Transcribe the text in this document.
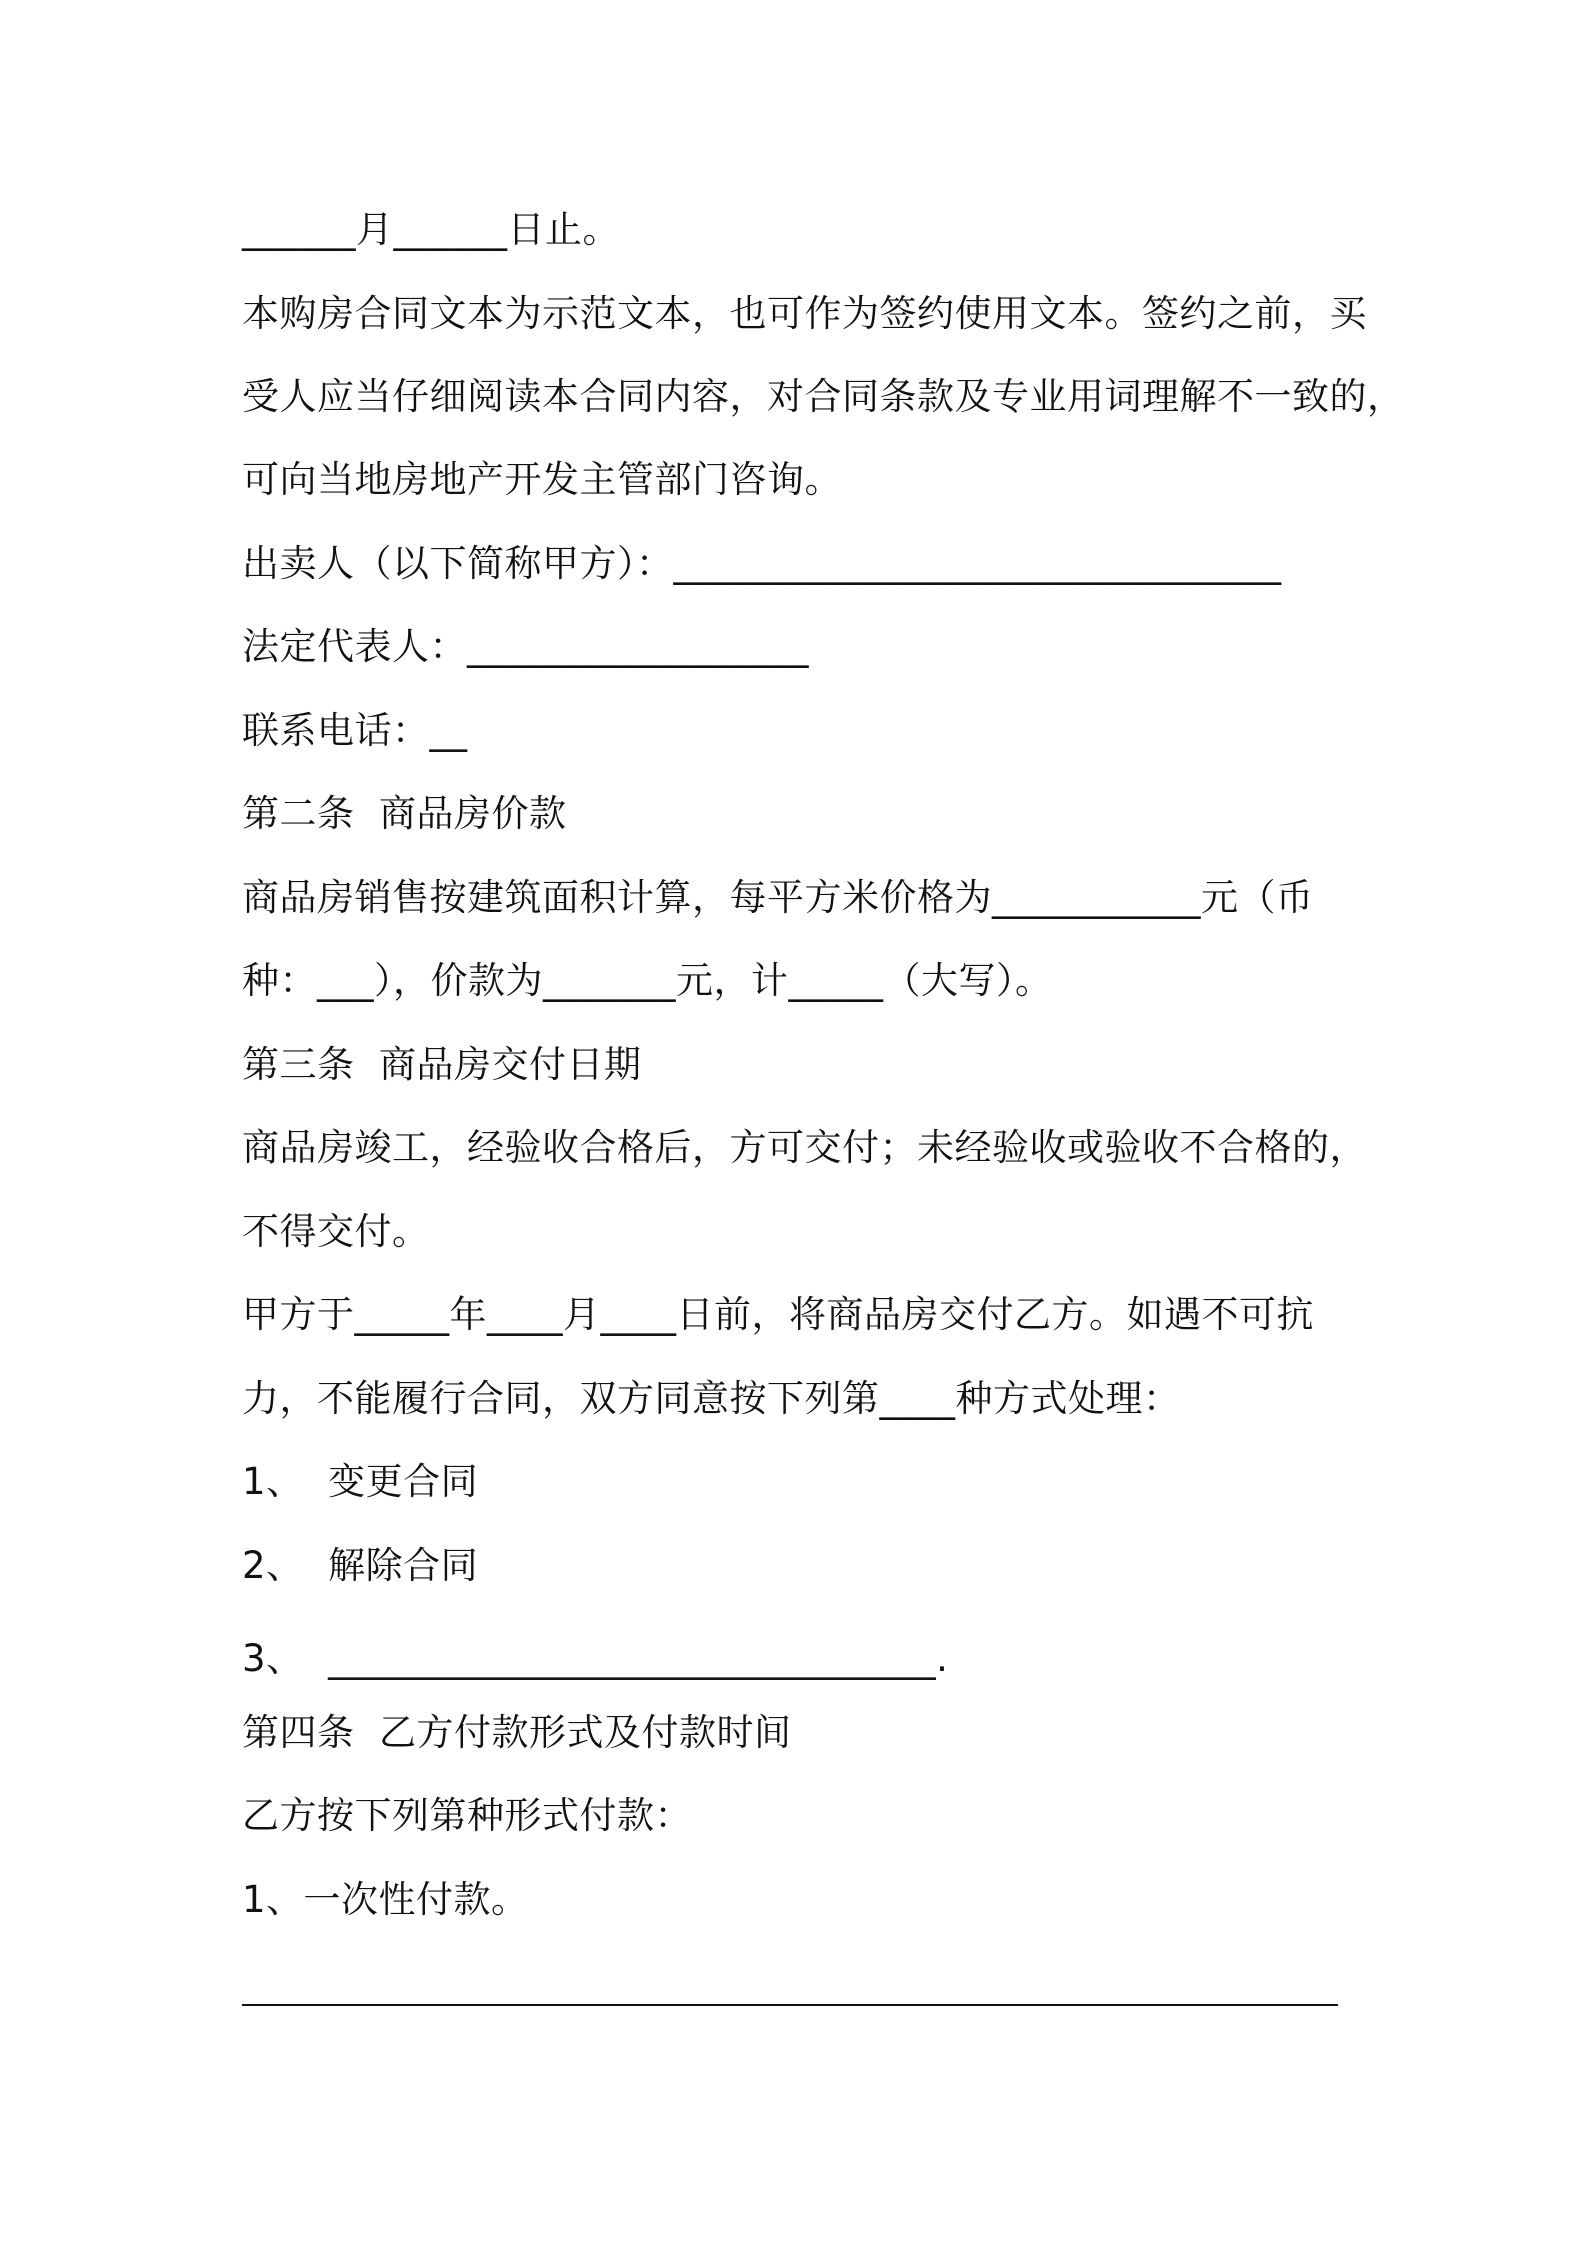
______月______日止。
本购房合同文本为示范文本，也可作为签约使用文本。签约之前，买
受人应当仔细阅读本合同内容，对合同条款及专业用词理解不一致的，
可向当地房地产开发主管部门咨询。
出卖人（以下简称甲方）：________________________________
法定代表人：__________________
联系电话：__
第二条  商品房价款
商品房销售按建筑面积计算，每平方米价格为___________元（币
种：___），价款为_______元，计_____（大写）。
第三条  商品房交付日期
商品房竣工，经验收合格后，方可交付；未经验收或验收不合格的，
不得交付。
甲方于_____年____月____日前，将商品房交付乙方。如遇不可抗
力，不能履行合同，双方同意按下列第____种方式处理：
1、  变更合同
2、  解除合同
3、  ________________________________.
第四条  乙方付款形式及付款时间
乙方按下列第种形式付款：
1、一次性付款。
